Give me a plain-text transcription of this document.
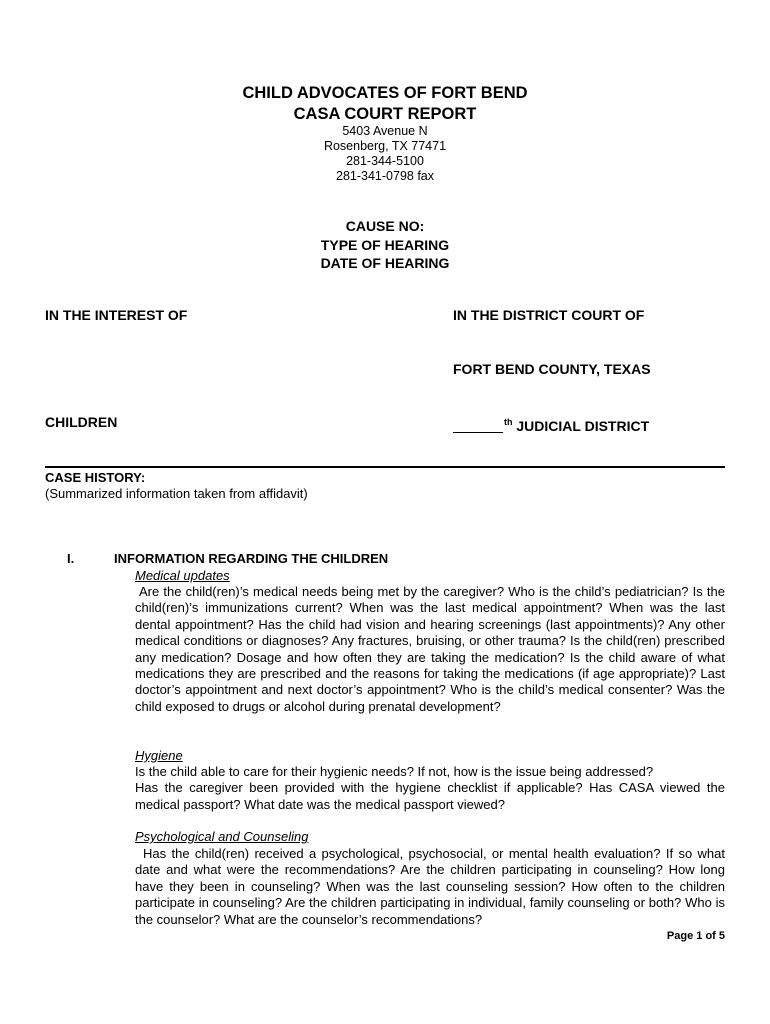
CHILD ADVOCATES OF FORT BEND
CASA COURT REPORT
5403 Avenue N
Rosenberg, TX 77471
281-344-5100
281-341-0798 fax
CAUSE NO:
TYPE OF HEARING
DATE OF HEARING
IN THE INTEREST OF	IN THE DISTRICT COURT OF
FORT BEND COUNTY, TEXAS
CHILDREN	$^{th}$ JUDICIAL DISTRICT
CASE HISTORY:
(Summarized information taken from affidavit)
I.	INFORMATION REGARDING THE CHILDREN
Medical updates
Are the child(ren)’s medical needs being met by the caregiver? Who is the child’s pediatrician? Is the child(ren)’s immunizations current? When was the last medical appointment? When was the last dental appointment? Has the child had vision and hearing screenings (last appointments)? Any other medical conditions or diagnoses? Any fractures, bruising, or other trauma? Is the child(ren) prescribed any medication? Dosage and how often they are taking the medication? Is the child aware of what medications they are prescribed and the reasons for taking the medications (if age appropriate)? Last doctor’s appointment and next doctor’s appointment? Who is the child’s medical consenter? Was the child exposed to drugs or alcohol during prenatal development?
Hygiene
Is the child able to care for their hygienic needs? If not, how is the issue being addressed?
Has the caregiver been provided with the hygiene checklist if applicable? Has CASA viewed the medical passport? What date was the medical passport viewed?
Psychological and Counseling
Has the child(ren) received a psychological, psychosocial, or mental health evaluation? If so what date and what were the recommendations? Are the children participating in counseling? How long have they been in counseling? When was the last counseling session? How often to the children participate in counseling? Are the children participating in individual, family counseling or both? Who is the counselor? What are the counselor’s recommendations?
Page 1 of 5
